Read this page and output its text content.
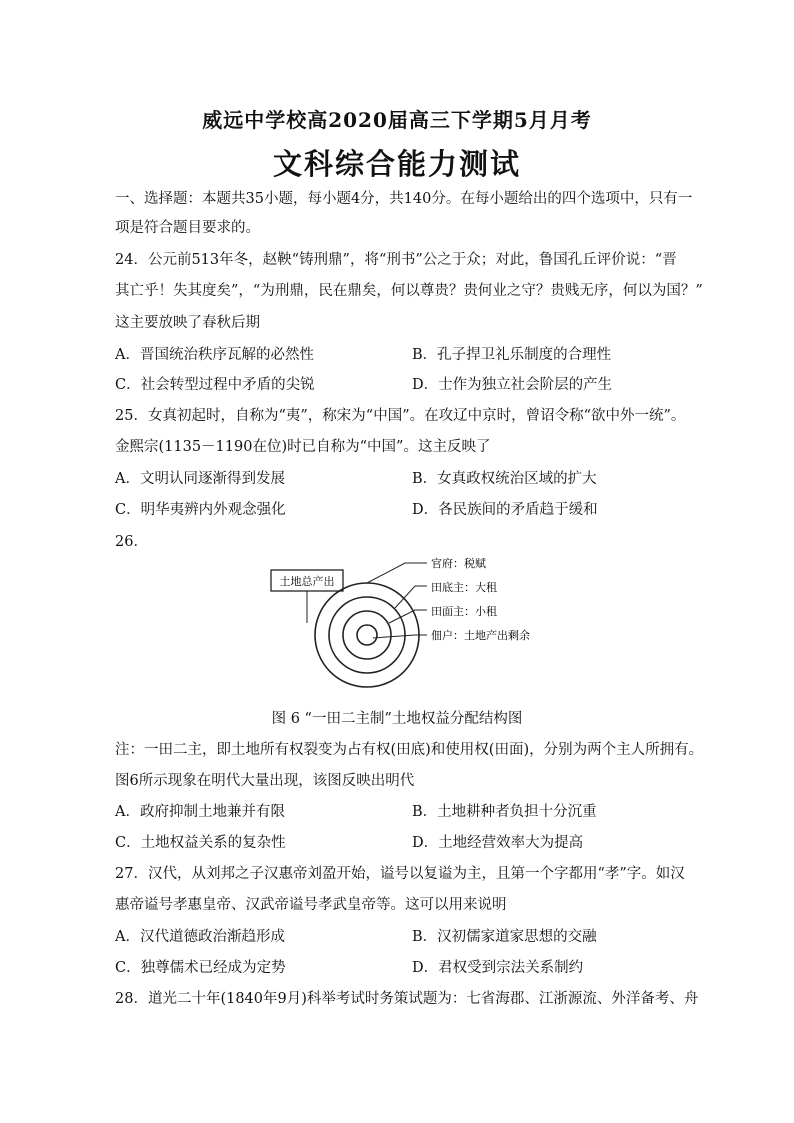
威远中学校高2020届高三下学期5月月考
文科综合能力测试
一、选择题：本题共35小题，每小题4分，共140分。在每小题给出的四个选项中，只有一
项是符合题目要求的。
24．公元前513年冬，赵鞅“铸刑鼎”，将“刑书”公之于众；对此，鲁国孔丘评价说：“晋
其亡乎！失其度矣”，“为刑鼎，民在鼎矣，何以尊贵？贵何业之守？贵贱无序，何以为国？”
这主要放映了春秋后期
A．晋国统治秩序瓦解的必然性	B．孔子捍卫礼乐制度的合理性
C．社会转型过程中矛盾的尖锐	D．士作为独立社会阶层的产生
25．女真初起时，自称为“夷”，称宋为“中国”。在攻辽中京时，曾诏令称“欲中外一统”。
金熙宗(1135－1190在位)时已自称为“中国”。这主反映了
A．文明认同逐渐得到发展	B．女真政权统治区域的扩大
C．明华夷辨内外观念强化	D．各民族间的矛盾趋于缓和
26．
土地总产出
官府：税赋
田底主：大租
田面主：小租
佃户：土地产出剩余
图 6 “一田二主制”土地权益分配结构图
注：一田二主，即土地所有权裂变为占有权(田底)和使用权(田面)，分别为两个主人所拥有。
图6所示现象在明代大量出现，该图反映出明代
A．政府抑制土地兼并有限	B．土地耕种者负担十分沉重
C．土地权益关系的复杂性	D．土地经营效率大为提高
27．汉代，从刘邦之子汉惠帝刘盈开始，谥号以复谥为主，且第一个字都用“孝”字。如汉
惠帝谥号孝惠皇帝、汉武帝谥号孝武皇帝等。这可以用来说明
A．汉代道德政治渐趋形成	B．汉初儒家道家思想的交融
C．独尊儒术已经成为定势	D．君权受到宗法关系制约
28．道光二十年(1840年9月)科举考试时务策试题为：七省海郡、江浙源流、外洋备考、舟
